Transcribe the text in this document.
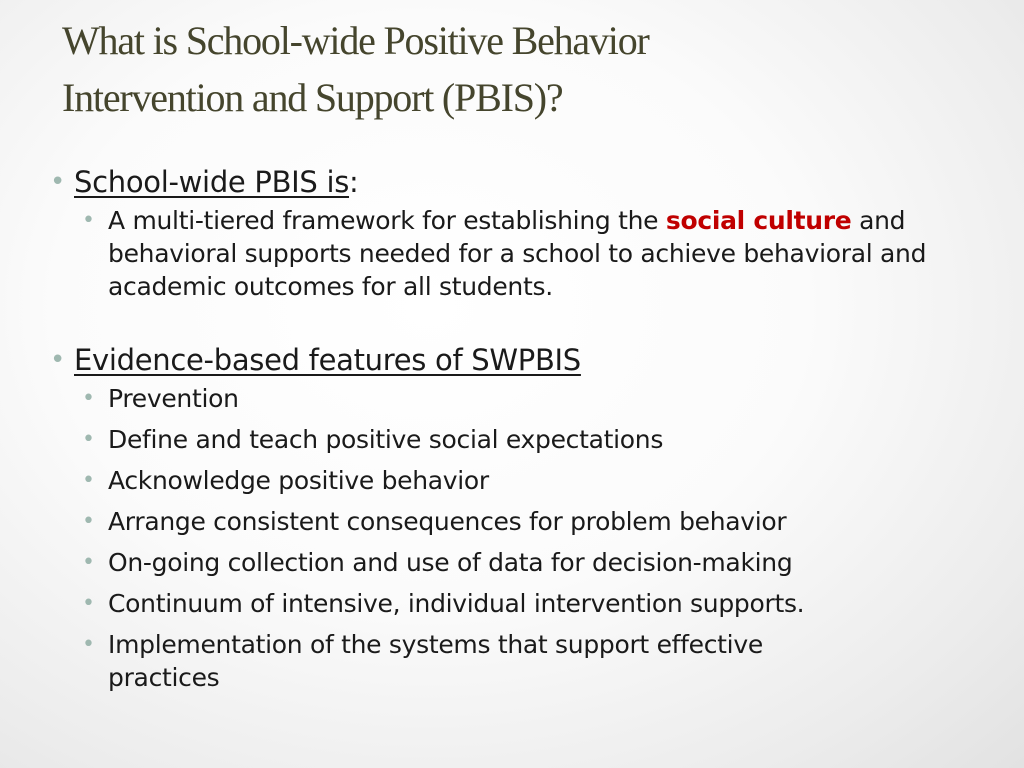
What is School-wide Positive Behavior
Intervention and Support (PBIS)?
• School-wide PBIS is:
• A multi-tiered framework for establishing the social culture and behavioral supports needed for a school to achieve behavioral and academic outcomes for all students.
• Evidence-based features of SWPBIS
• Prevention
• Define and teach positive social expectations
• Acknowledge positive behavior
• Arrange consistent consequences for problem behavior
• On-going collection and use of data for decision-making
• Continuum of intensive, individual intervention supports.
• Implementation of the systems that support effective practices
